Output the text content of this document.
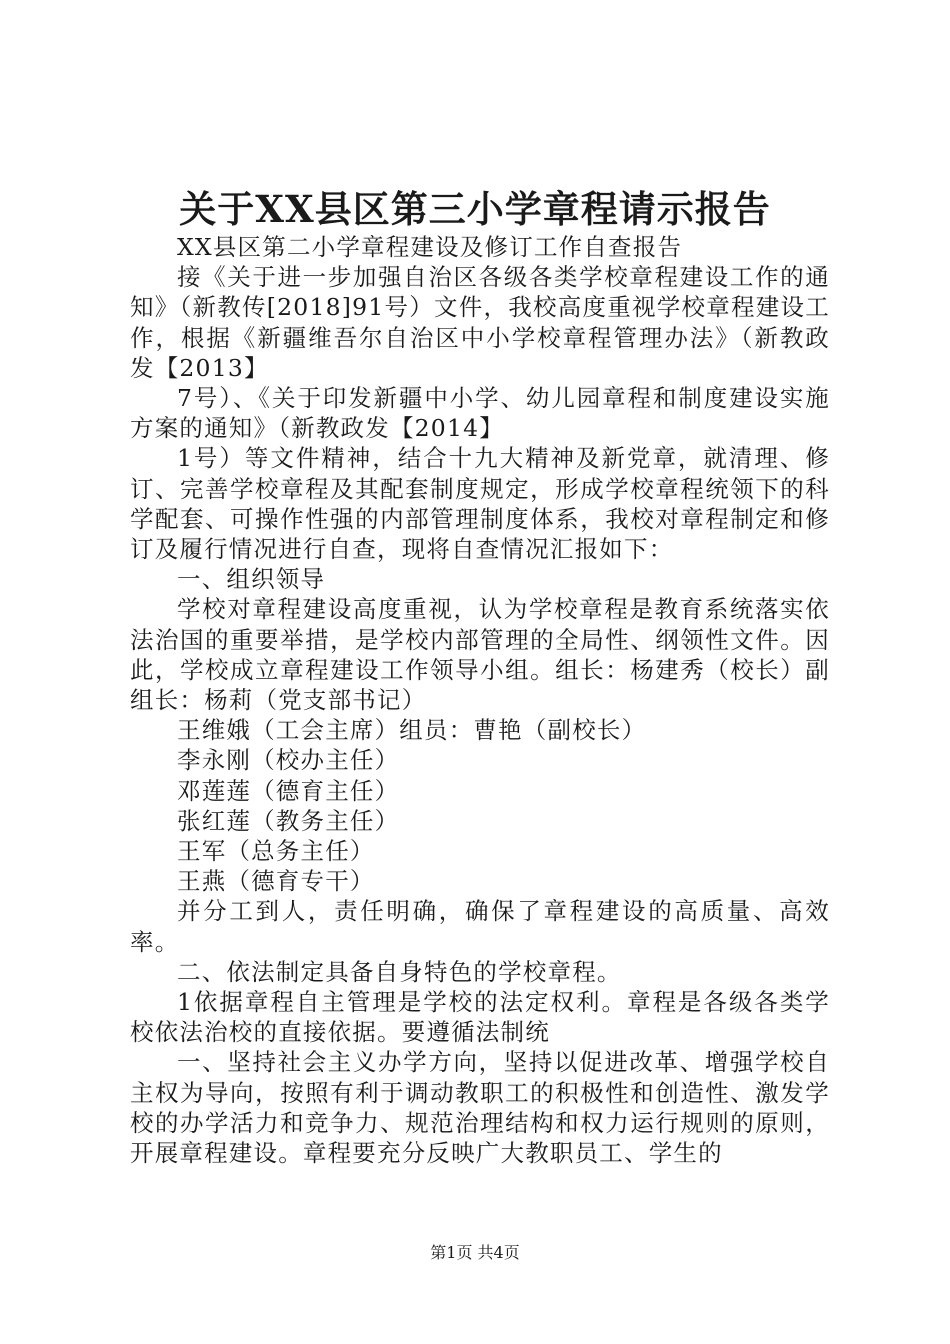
关于XX县区第三小学章程请示报告

XX县区第二小学章程建设及修订工作自查报告

接《关于进一步加强自治区各级各类学校章程建设工作的通知》（新教传[2018]91号）文件，我校高度重视学校章程建设工作，根据《新疆维吾尔自治区中小学校章程管理办法》（新教政发【2013】

7号）、《关于印发新疆中小学、幼儿园章程和制度建设实施方案的通知》（新教政发【2014】

1号）等文件精神，结合十九大精神及新党章，就清理、修订、完善学校章程及其配套制度规定，形成学校章程统领下的科学配套、可操作性强的内部管理制度体系，我校对章程制定和修订及履行情况进行自查，现将自查情况汇报如下：

一、组织领导

学校对章程建设高度重视，认为学校章程是教育系统落实依法治国的重要举措，是学校内部管理的全局性、纲领性文件。因此，学校成立章程建设工作领导小组。组长：杨建秀（校长）副组长：杨莉（党支部书记）

王维娥（工会主席）组员：曹艳（副校长）

李永刚（校办主任）

邓莲莲（德育主任）

张红莲（教务主任）

王军（总务主任）

王燕（德育专干）

并分工到人，责任明确，确保了章程建设的高质量、高效率。

二、依法制定具备自身特色的学校章程。

1依据章程自主管理是学校的法定权利。章程是各级各类学校依法治校的直接依据。要遵循法制统

一、坚持社会主义办学方向，坚持以促进改革、增强学校自主权为导向，按照有利于调动教职工的积极性和创造性、激发学校的办学活力和竞争力、规范治理结构和权力运行规则的原则，开展章程建设。章程要充分反映广大教职员工、学生的

第1页 共4页
